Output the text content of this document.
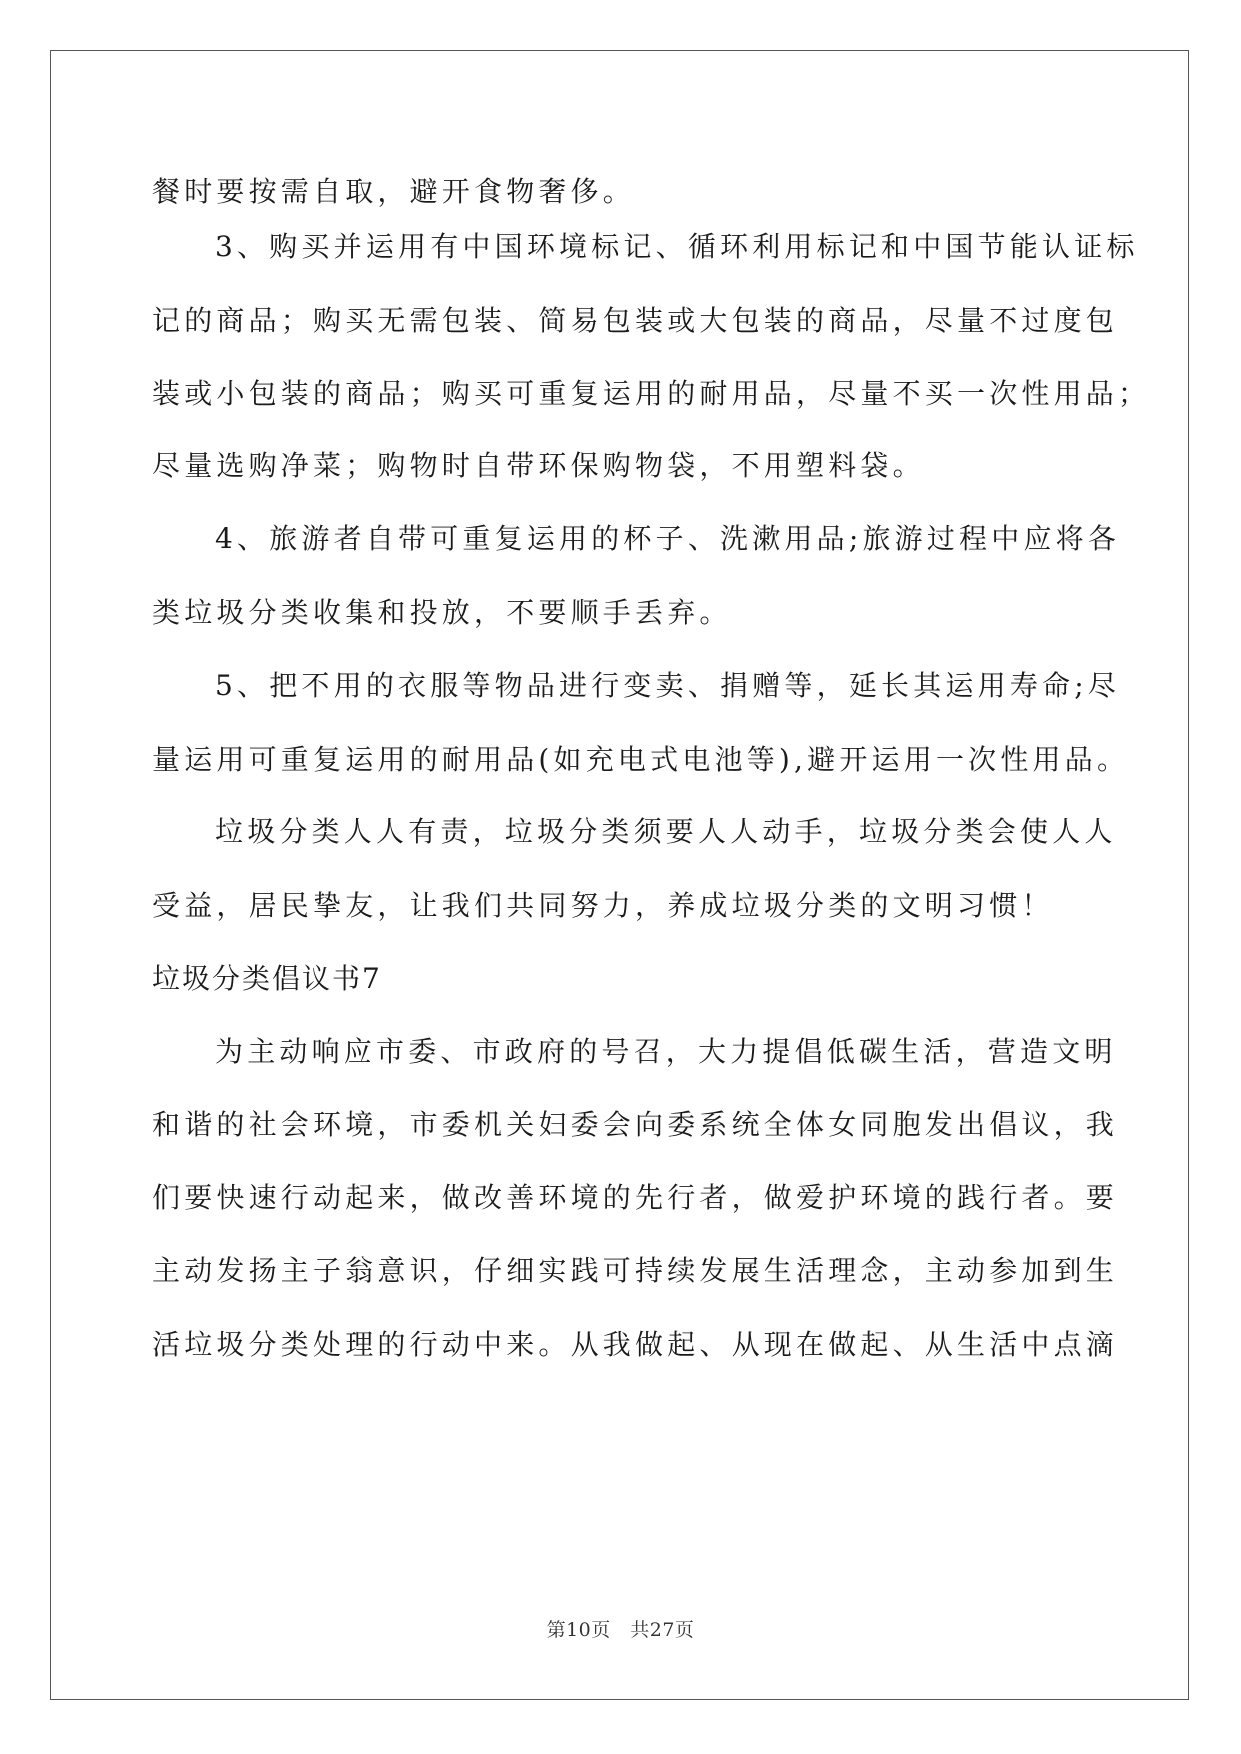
餐时要按需自取，避开食物奢侈。
3、购买并运用有中国环境标记、循环利用标记和中国节能认证标
记的商品；购买无需包装、简易包装或大包装的商品，尽量不过度包
装或小包装的商品；购买可重复运用的耐用品，尽量不买一次性用品；
尽量选购净菜；购物时自带环保购物袋，不用塑料袋。
4、旅游者自带可重复运用的杯子、洗漱用品;旅游过程中应将各
类垃圾分类收集和投放，不要顺手丢弃。
5、把不用的衣服等物品进行变卖、捐赠等，延长其运用寿命;尽
量运用可重复运用的耐用品(如充电式电池等),避开运用一次性用品。
垃圾分类人人有责，垃圾分类须要人人动手，垃圾分类会使人人
受益，居民挚友，让我们共同努力，养成垃圾分类的文明习惯！
垃圾分类倡议书7
为主动响应市委、市政府的号召，大力提倡低碳生活，营造文明
和谐的社会环境，市委机关妇委会向委系统全体女同胞发出倡议，我
们要快速行动起来，做改善环境的先行者，做爱护环境的践行者。要
主动发扬主子翁意识，仔细实践可持续发展生活理念，主动参加到生
活垃圾分类处理的行动中来。从我做起、从现在做起、从生活中点滴
第10页　共27页
